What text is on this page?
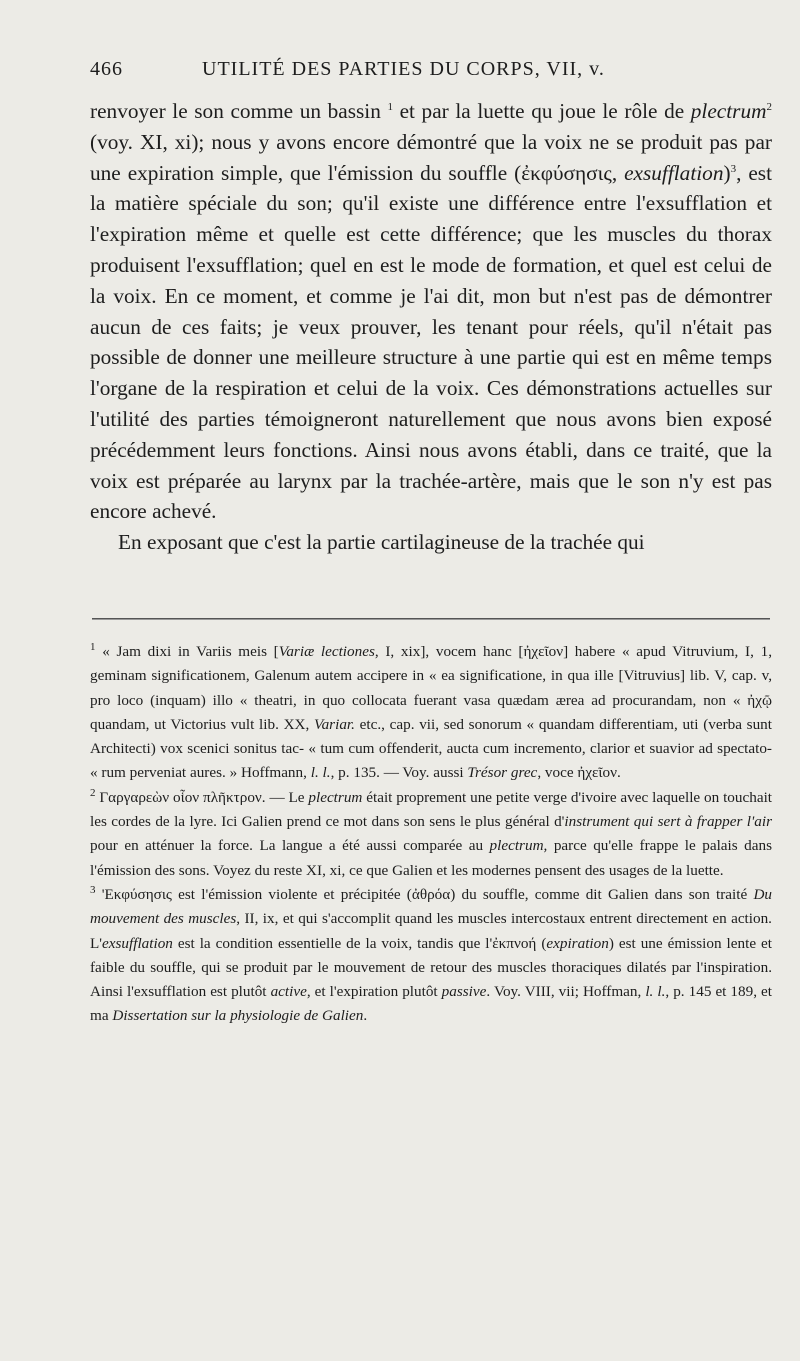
466	UTILITÉ DES PARTIES DU CORPS, VII, v.

renvoyer le son comme un bassin $^1$ et par la luette qu joue le rôle de plectrum$^2$ (voy. XI, xi); nous y avons encore démontré que la voix ne se produit pas par une expiration simple, que l'émission du souffle (ἐκφύσησις, exsufflation)$^3$, est la matière spéciale du son; qu'il existe une différence entre l'exsufflation et l'expiration même et quelle est cette différence; que les muscles du thorax produisent l'exsufflation; quel en est le mode de formation, et quel est celui de la voix. En ce moment, et comme je l'ai dit, mon but n'est pas de démontrer aucun de ces faits; je veux prouver, les tenant pour réels, qu'il n'était pas possible de donner une meilleure structure à une partie qui est en même temps l'organe de la respiration et celui de la voix. Ces démonstrations actuelles sur l'utilité des parties témoigneront naturellement que nous avons bien exposé précédemment leurs fonctions. Ainsi nous avons établi, dans ce traité, que la voix est préparée au larynx par la trachée-artère, mais que le son n'y est pas encore achevé.

En exposant que c'est la partie cartilagineuse de la trachée qui

$^1$ « Jam dixi in Variis meis [Variæ lectiones, I, xix], vocem hanc [ἠχεῖον] habere « apud Vitruvium, I, 1, geminam significationem, Galenum autem accipere in « ea significatione, in qua ille [Vitruvius] lib. V, cap. v, pro loco (inquam) illo « theatri, in quo collocata fuerant vasa quædam ærea ad procurandam, non « ἠχῷ quandam, ut Victorius vult lib. XX, Variar. etc., cap. vii, sed sonorum « quandam differentiam, uti (verba sunt Architecti) vox scenici sonitus tac- « tum cum offenderit, aucta cum incremento, clarior et suavior ad spectato- « rum perveniat aures. » Hoffmann, l. l., p. 135. — Voy. aussi Trésor grec, voce ἠχεῖον.

$^2$ Γαργαρεὼν οἷον πλῆκτρον. — Le plectrum était proprement une petite verge d'ivoire avec laquelle on touchait les cordes de la lyre. Ici Galien prend ce mot dans son sens le plus général d'instrument qui sert à frapper l'air pour en atténuer la force. La langue a été aussi comparée au plectrum, parce qu'elle frappe le palais dans l'émission des sons. Voyez du reste XI, xi, ce que Galien et les modernes pensent des usages de la luette.

$^3$ 'Εκφύσησις est l'émission violente et précipitée (ἀθρόα) du souffle, comme dit Galien dans son traité Du mouvement des muscles, II, ix, et qui s'accomplit quand les muscles intercostaux entrent directement en action. L'exsufflation est la condition essentielle de la voix, tandis que l'ἐκπνοή (expiration) est une émission lente et faible du souffle, qui se produit par le mouvement de retour des muscles thoraciques dilatés par l'inspiration. Ainsi l'exsufflation est plutôt active, et l'expiration plutôt passive. Voy. VIII, vii; Hoffman, l. l., p. 145 et 189, et ma Dissertation sur la physiologie de Galien.
